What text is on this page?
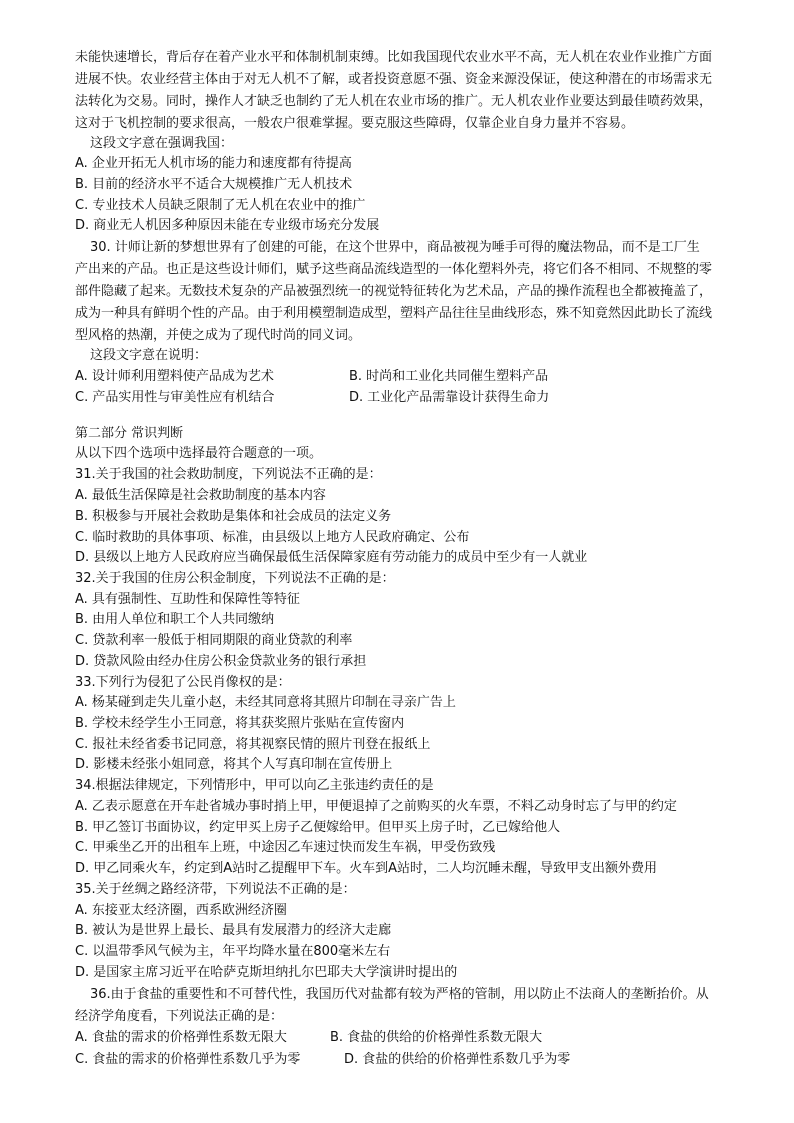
未能快速增长，背后存在着产业水平和体制机制束缚。比如我国现代农业水平不高，无人机在农业作业推广方面
进展不快。农业经营主体由于对无人机不了解，或者投资意愿不强、资金来源没保证，使这种潜在的市场需求无
法转化为交易。同时，操作人才缺乏也制约了无人机在农业市场的推广。无人机农业作业要达到最佳喷药效果，
这对于飞机控制的要求很高，一般农户很难掌握。要克服这些障碍，仅靠企业自身力量并不容易。
这段文字意在强调我国：
A. 企业开拓无人机市场的能力和速度都有待提高
B. 目前的经济水平不适合大规模推广无人机技术
C. 专业技术人员缺乏限制了无人机在农业中的推广
D. 商业无人机因多种原因未能在专业级市场充分发展
30. 计师让新的梦想世界有了创建的可能，在这个世界中，商品被视为唾手可得的魔法物品，而不是工厂生
产出来的产品。也正是这些设计师们，赋予这些商品流线造型的一体化塑料外壳，将它们各不相同、不规整的零
部件隐藏了起来。无数技术复杂的产品被强烈统一的视觉特征转化为艺术品，产品的操作流程也全都被掩盖了，
成为一种具有鲜明个性的产品。由于利用模塑制造成型，塑料产品往往呈曲线形态，殊不知竟然因此助长了流线
型风格的热潮，并使之成为了现代时尚的同义词。
这段文字意在说明：
A. 设计师利用塑料使产品成为艺术	B. 时尚和工业化共同催生塑料产品
C. 产品实用性与审美性应有机结合	D. 工业化产品需靠设计获得生命力
第二部分 常识判断
从以下四个选项中选择最符合题意的一项。
31.关于我国的社会救助制度，下列说法不正确的是：
A. 最低生活保障是社会救助制度的基本内容
B. 积极参与开展社会救助是集体和社会成员的法定义务
C. 临时救助的具体事项、标准，由县级以上地方人民政府确定、公布
D. 县级以上地方人民政府应当确保最低生活保障家庭有劳动能力的成员中至少有一人就业
32.关于我国的住房公积金制度，下列说法不正确的是：
A. 具有强制性、互助性和保障性等特征
B. 由用人单位和职工个人共同缴纳
C. 贷款利率一般低于相同期限的商业贷款的利率
D. 贷款风险由经办住房公积金贷款业务的银行承担
33.下列行为侵犯了公民肖像权的是：
A. 杨某碰到走失儿童小赵，未经其同意将其照片印制在寻亲广告上
B. 学校未经学生小王同意，将其获奖照片张贴在宣传窗内
C. 报社未经省委书记同意，将其视察民情的照片刊登在报纸上
D. 影楼未经张小姐同意，将其个人写真印制在宣传册上
34.根据法律规定，下列情形中，甲可以向乙主张违约责任的是
A. 乙表示愿意在开车赴省城办事时捎上甲，甲便退掉了之前购买的火车票，不料乙动身时忘了与甲的约定
B. 甲乙签订书面协议，约定甲买上房子乙便嫁给甲。但甲买上房子时，乙已嫁给他人
C. 甲乘坐乙开的出租车上班，中途因乙车速过快而发生车祸，甲受伤致残
D. 甲乙同乘火车，约定到A站时乙提醒甲下车。火车到A站时，二人均沉睡未醒，导致甲支出额外费用
35.关于丝绸之路经济带，下列说法不正确的是：
A. 东接亚太经济圈，西系欧洲经济圈
B. 被认为是世界上最长、最具有发展潜力的经济大走廊
C. 以温带季风气候为主，年平均降水量在800毫米左右
D. 是国家主席习近平在哈萨克斯坦纳扎尔巴耶夫大学演讲时提出的
36.由于食盐的重要性和不可替代性，我国历代对盐都有较为严格的管制，用以防止不法商人的垄断抬价。从
经济学角度看，下列说法正确的是：
A. 食盐的需求的价格弹性系数无限大	B. 食盐的供给的价格弹性系数无限大
C. 食盐的需求的价格弹性系数几乎为零	D. 食盐的供给的价格弹性系数几乎为零
